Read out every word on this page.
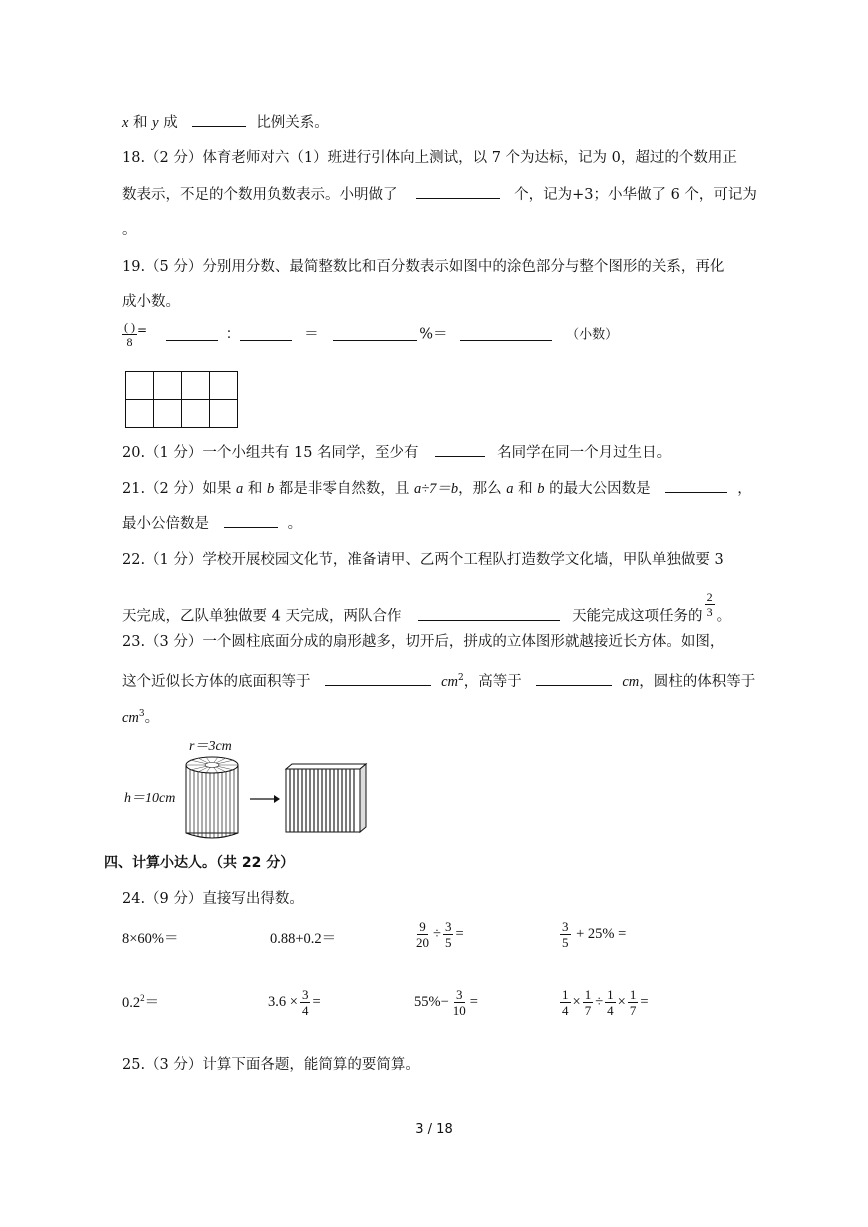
x 和 y 成	比例关系。
18.（2 分）体育老师对六（1）班进行引体向上测试，以 7 个为达标，记为 0，超过的个数用正
数表示，不足的个数用负数表示。小明做了	个，记为+3；小华做了 6 个，可记为
。
19.（5 分）分别用分数、最简整数比和百分数表示如图中的涂色部分与整个图形的关系，再化
成小数。
( )
8
=	：	＝	%＝	（小数）

20.（1 分）一个小组共有 15 名同学，至少有	名同学在同一个月过生日。
21.（2 分）如果 a 和 b 都是非零自然数，且 a÷7＝b，那么 a 和 b 的最大公因数是	，
最小公倍数是	。
22.（1 分）学校开展校园文化节，准备请甲、乙两个工程队打造数学文化墙，甲队单独做要 3
天完成，乙队单独做要 4 天完成，两队合作	天能完成这项任务的 $\frac{2}{3}$ 。
23.（3 分）一个圆柱底面分成的扇形越多，切开后，拼成的立体图形就越接近长方体。如图，
这个近似长方体的底面积等于	$cm^2$，高等于	cm，圆柱的体积等于
$cm^3$。
r＝3cm
h＝10cm
四、计算小达人。（共 22 分）
24.（9 分）直接写出得数。
8×60%＝	0.88+0.2＝	$\frac{9}{20} \div \frac{3}{5}$ =	$\frac{3}{5} + 25\%$ =
$0.2^2=$	$3.6 \times \frac{3}{4}$ =	$55\%- \frac{3}{10}$ =	$\frac{1}{4} \times \frac{1}{7} \div \frac{1}{4} \times \frac{1}{7}$ =
25.（3 分）计算下面各题，能简算的要简算。
3 / 18
